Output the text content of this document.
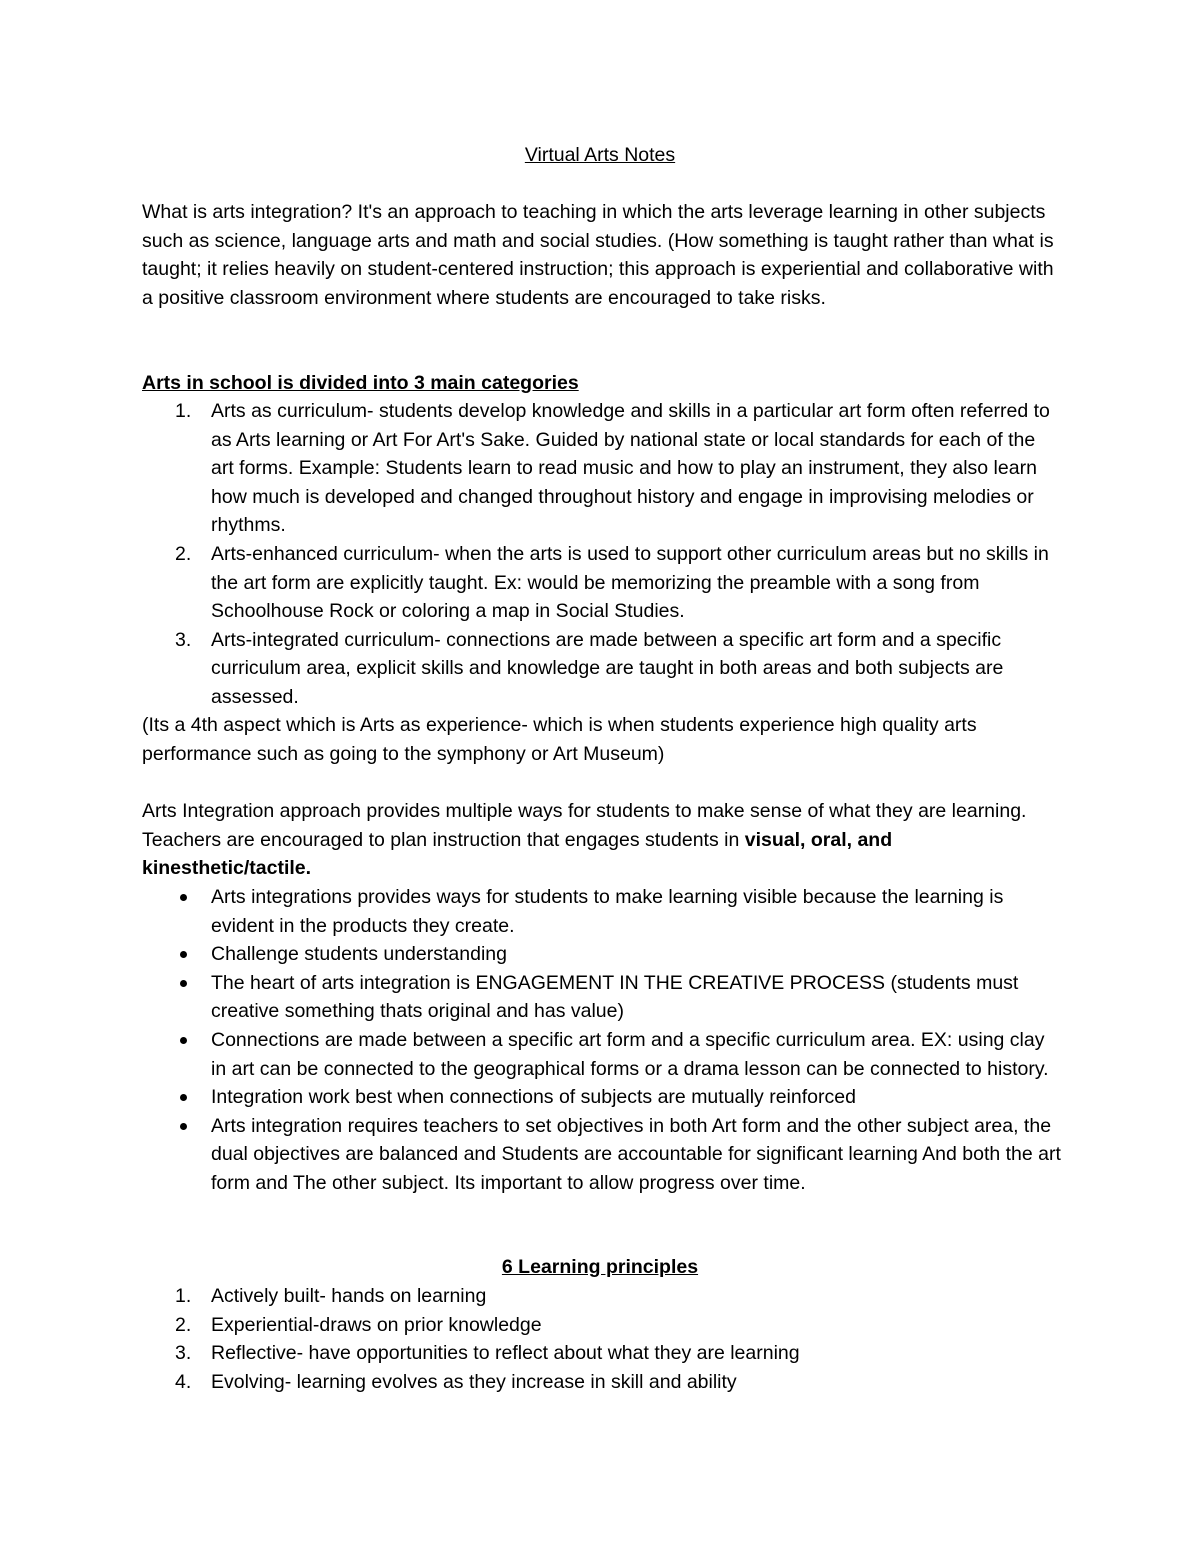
Virtual Arts Notes

What is arts integration? It's an approach to teaching in which the arts leverage learning in other subjects such as science, language arts and math and social studies. (How something is taught rather than what is taught; it relies heavily on student-centered instruction; this approach is experiential and collaborative with a positive classroom environment where students are encouraged to take risks.

Arts in school is divided into 3 main categories
1.	Arts as curriculum- students develop knowledge and skills in a particular art form often referred to as Arts learning or Art For Art's Sake. Guided by national state or local standards for each of the art forms. Example: Students learn to read music and how to play an instrument, they also learn how much is developed and changed throughout history and engage in improvising melodies or rhythms.
2.	Arts-enhanced curriculum- when the arts is used to support other curriculum areas but no skills in the art form are explicitly taught. Ex: would be memorizing the preamble with a song from Schoolhouse Rock or coloring a map in Social Studies.
3.	Arts-integrated curriculum- connections are made between a specific art form and a specific curriculum area, explicit skills and knowledge are taught in both areas and both subjects are assessed.

(Its a 4th aspect which is Arts as experience- which is when students experience high quality arts performance such as going to the symphony or Art Museum)

Arts Integration approach provides multiple ways for students to make sense of what they are learning. Teachers are encouraged to plan instruction that engages students in visual, oral, and kinesthetic/tactile.

Arts integrations provides ways for students to make learning visible because the learning is evident in the products they create.
Challenge students understanding
The heart of arts integration is ENGAGEMENT IN THE CREATIVE PROCESS (students must creative something thats original and has value)
Connections are made between a specific art form and a specific curriculum area. EX: using clay in art can be connected to the geographical forms or a drama lesson can be connected to history.
Integration work best when connections of subjects are mutually reinforced
Arts integration requires teachers to set objectives in both Art form and the other subject area, the dual objectives are balanced and Students are accountable for significant learning And both the art form and The other subject. Its important to allow progress over time.
6 Learning principles
1.	Actively built- hands on learning
2.	Experiential-draws on prior knowledge
3.	Reflective- have opportunities to reflect about what they are learning
4.	Evolving- learning evolves as they increase in skill and ability
